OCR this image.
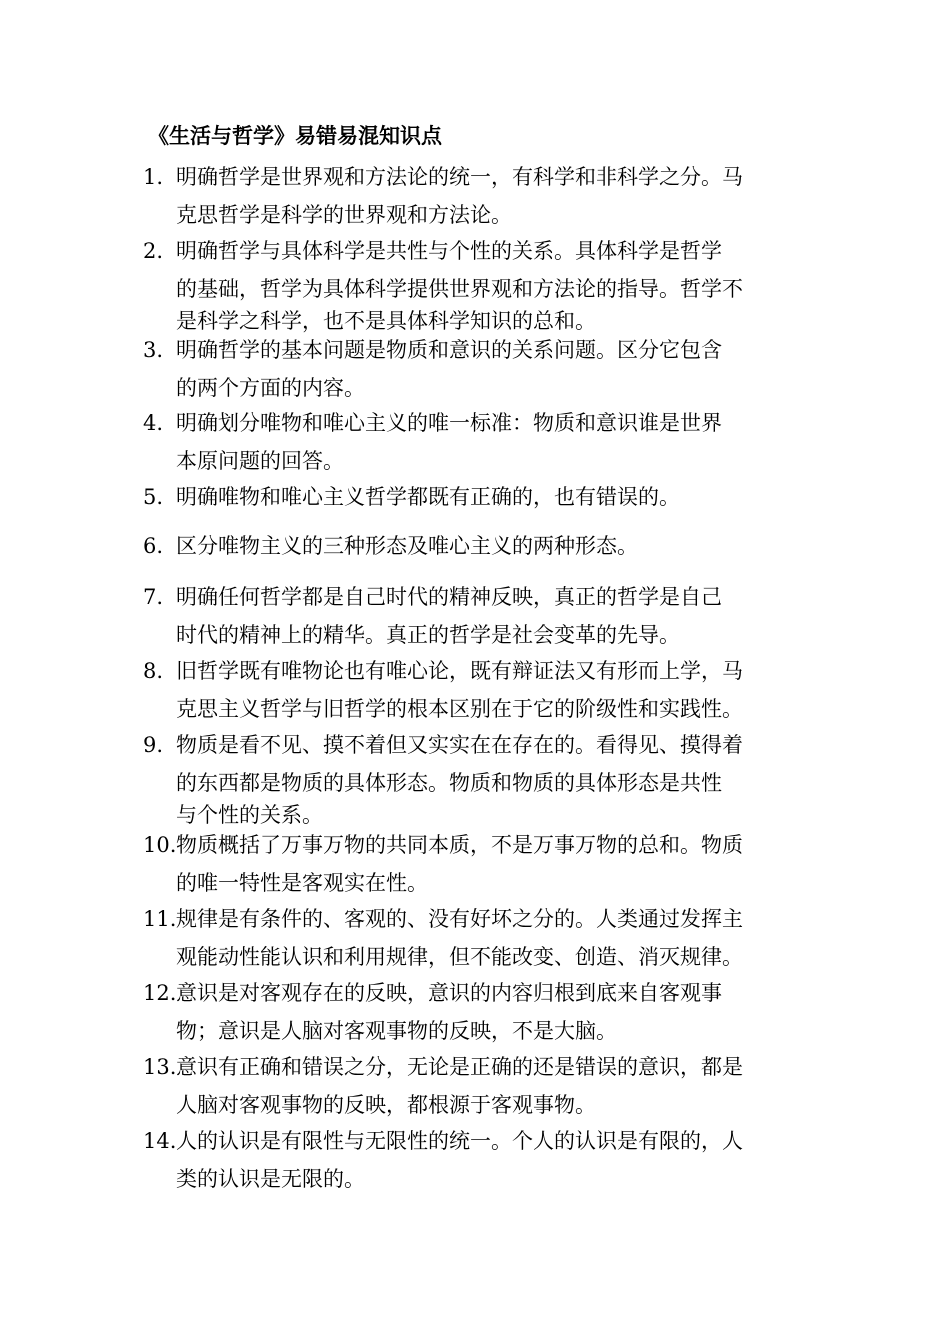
《生活与哲学》易错易混知识点
1. 明确哲学是世界观和方法论的统一，有科学和非科学之分。马
克思哲学是科学的世界观和方法论。
2. 明确哲学与具体科学是共性与个性的关系。具体科学是哲学
的基础，哲学为具体科学提供世界观和方法论的指导。哲学不
是科学之科学，也不是具体科学知识的总和。
3. 明确哲学的基本问题是物质和意识的关系问题。区分它包含
的两个方面的内容。
4. 明确划分唯物和唯心主义的唯一标准：物质和意识谁是世界
本原问题的回答。
5. 明确唯物和唯心主义哲学都既有正确的，也有错误的。
6. 区分唯物主义的三种形态及唯心主义的两种形态。
7. 明确任何哲学都是自己时代的精神反映，真正的哲学是自己
时代的精神上的精华。真正的哲学是社会变革的先导。
8. 旧哲学既有唯物论也有唯心论，既有辩证法又有形而上学，马
克思主义哲学与旧哲学的根本区别在于它的阶级性和实践性。
9. 物质是看不见、摸不着但又实实在在存在的。看得见、摸得着
的东西都是物质的具体形态。物质和物质的具体形态是共性
与个性的关系。
10. 物质概括了万事万物的共同本质，不是万事万物的总和。物质
的唯一特性是客观实在性。
11. 规律是有条件的、客观的、没有好坏之分的。人类通过发挥主
观能动性能认识和利用规律，但不能改变、创造、消灭规律。
12. 意识是对客观存在的反映，意识的内容归根到底来自客观事
物；意识是人脑对客观事物的反映，不是大脑。
13. 意识有正确和错误之分，无论是正确的还是错误的意识，都是
人脑对客观事物的反映，都根源于客观事物。
14. 人的认识是有限性与无限性的统一。个人的认识是有限的，人
类的认识是无限的。
